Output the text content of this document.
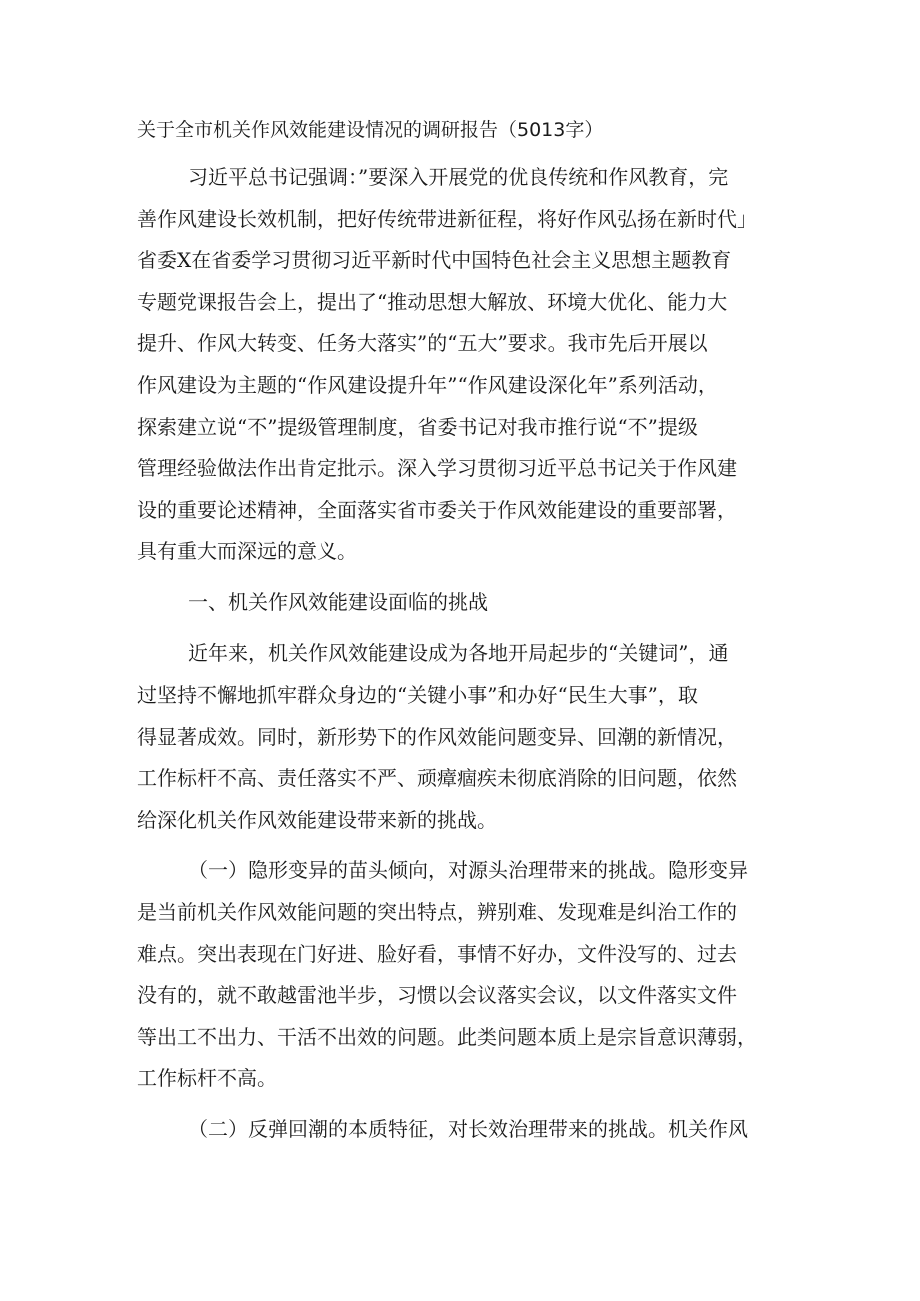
关于全市机关作风效能建设情况的调研报告（5013字）

习近平总书记强调：”要深入开展党的优良传统和作风教育，完

善作风建设长效机制，把好传统带进新征程，将好作风弘扬在新时代」

省委X在省委学习贯彻习近平新时代中国特色社会主义思想主题教育

专题党课报告会上，提出了“推动思想大解放、环境大优化、能力大

提升、作风大转变、任务大落实”的“五大”要求。我市先后开展以

作风建设为主题的“作风建设提升年”“作风建设深化年”系列活动，

探索建立说“不”提级管理制度，省委书记对我市推行说“不”提级

管理经验做法作出肯定批示。深入学习贯彻习近平总书记关于作风建

设的重要论述精神，全面落实省市委关于作风效能建设的重要部署，

具有重大而深远的意义。

一、机关作风效能建设面临的挑战

近年来，机关作风效能建设成为各地开局起步的“关键词”，通

过坚持不懈地抓牢群众身边的“关键小事”和办好“民生大事”，取

得显著成效。同时，新形势下的作风效能问题变异、回潮的新情况，

工作标杆不高、责任落实不严、顽瘴痼疾未彻底消除的旧问题，依然

给深化机关作风效能建设带来新的挑战。

（一）隐形变异的苗头倾向，对源头治理带来的挑战。隐形变异

是当前机关作风效能问题的突出特点，辨别难、发现难是纠治工作的

难点。突出表现在门好进、脸好看，事情不好办，文件没写的、过去

没有的，就不敢越雷池半步，习惯以会议落实会议，以文件落实文件

等出工不出力、干活不出效的问题。此类问题本质上是宗旨意识薄弱，

工作标杆不高。

（二）反弹回潮的本质特征，对长效治理带来的挑战。机关作风
